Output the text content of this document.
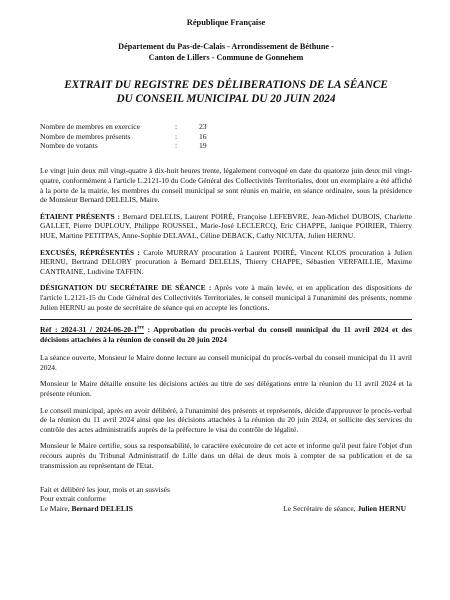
République Française
Département du Pas-de-Calais - Arrondissement de Béthune -
Canton de Lillers - Commune de Gonnehem
EXTRAIT DU REGISTRE DES DÉLIBERATIONS DE LA SÉANCE
DU CONSEIL MUNICIPAL DU 20 JUIN 2024
Nombre de membres en exercice	:	23
Nombre de membres présents	:	16
Nombre de votants	:	19

Le vingt juin deux mil vingt-quatre à dix-huit heures trente, légalement convoqué en date du quatorze juin deux mil vingt-quatre, conformément à l'article L.2121-10 du Code Général des Collectivités Territoriales, dont un exemplaire a été affiché à la porte de la mairie, les membres du conseil municipal se sont réunis en mairie, en séance ordinaire, sous la présidence de Monsieur Bernard DELELIS, Maire.

ÉTAIENT PRÉSENTS : Bernard DELELIS, Laurent POIRÉ, Françoise LEFEBVRE, Jean-Michel DUBOIS, Charlette GALLET, Pierre DUPLOUY, Philippe ROUSSEL, Marie-José LECLERCQ, Eric CHAPPE, Janique POIRIER, Thierry HUE, Martine PETITPAS, Anne-Sophie DELAVAL, Céline DEBACK, Cathy NICUTA, Julien HERNU.

EXCUSÉS, RÉPRÉSENTÉS : Carole MURRAY procuration à Laurent POIRÉ, Vincent KLOS procuration à Julien HERNU, Bertrand DELORY procuration à Bernard DELELIS, Thierry CHAPPE, Sébastien VERFAILLIE, Maxime CANTRAINE, Ludivine TAFFIN.

DÉSIGNATION DU SECRÉTAIRE DE SÉANCE : Après vote à main levée, et en application des dispositions de l'article L.2121-15 du Code Général des Collectivités Territoriales, le conseil municipal à l'unanimité des présents, nomme Julien HERNU au poste de secrétaire de séance qui en accepte les fonctions.

Réf : 2024-31 / 2024-06-20-1ère : Approbation du procès-verbal du conseil municipal du 11 avril 2024 et des décisions attachées à la réunion de conseil du 20 juin 2024

La séance ouverte, Monsieur le Maire donne lecture au conseil municipal du procès-verbal du conseil municipal du 11 avril 2024.

Monsieur le Maire détaille ensuite les décisions actées au titre de ses délégations entre la réunion du 11 avril 2024 et la présente réunion.

Le conseil municipal, après en avoir délibéré, à l'unanimité des présents et représentés, décide d'approuver le procès-verbal de la réunion du 11 avril 2024 ainsi que les décisions attachées à la réunion du 20 juin 2024, et sollicite des services du contrôle des actes administratifs auprès de la préfecture le visa du contrôle de légalité.

Monsieur le Maire certifie, sous sa responsabilité, le caractère exécutoire de cet acte et informe qu'il peut faire l'objet d'un recours auprès du Tribunal Administratif de Lille dans un délai de deux mois à compter de sa publication et de sa transmission au représentant de l'Etat.

Fait et délibéré les jour, mois et an susvisés
Pour extrait conforme
Le Maire, Bernard DELELIS	Le Secrétaire de séance, Julien HERNU
